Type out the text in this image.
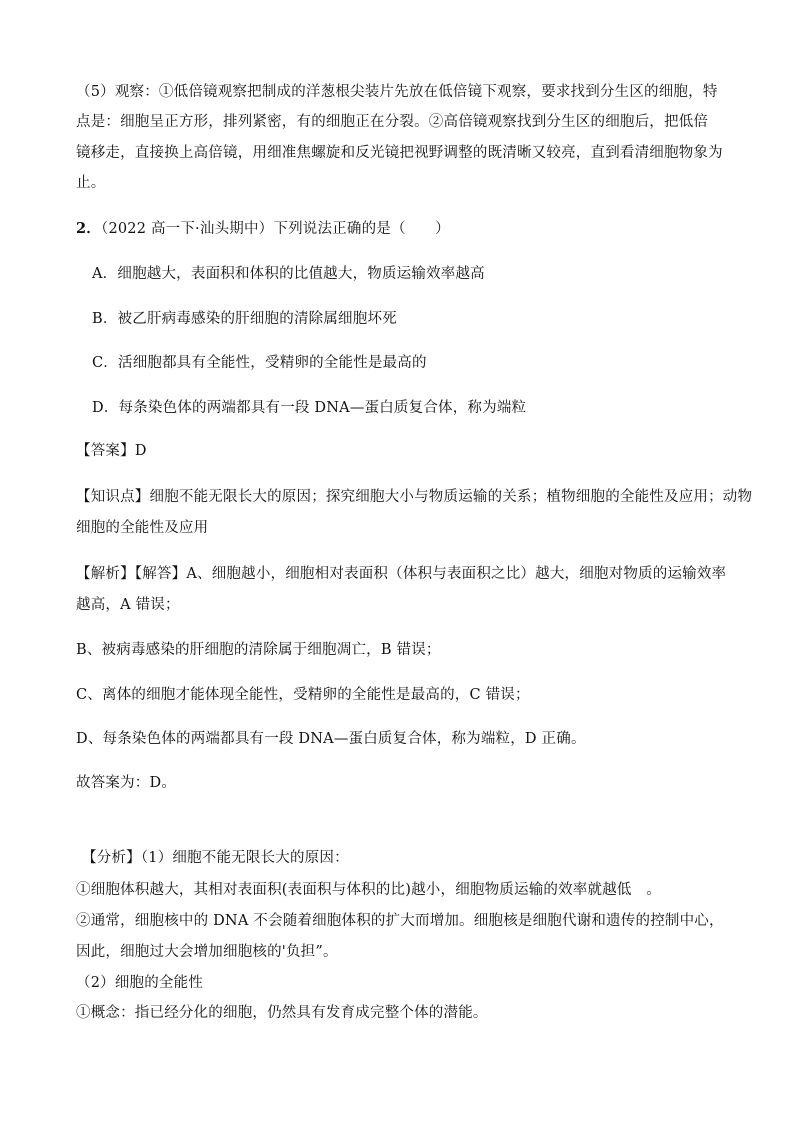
（5）观察：①低倍镜观察把制成的洋葱根尖装片先放在低倍镜下观察，要求找到分生区的细胞，特
点是：细胞呈正方形，排列紧密，有的细胞正在分裂。②高倍镜观察找到分生区的细胞后，把低倍
镜移走，直接换上高倍镜，用细准焦螺旋和反光镜把视野调整的既清晰又较亮，直到看清细胞物象为
止。
2．（2022 高一下·汕头期中）下列说法正确的是（　　）
A．细胞越大，表面积和体积的比值越大，物质运输效率越高
B．被乙肝病毒感染的肝细胞的清除属细胞坏死
C．活细胞都具有全能性，受精卵的全能性是最高的
D．每条染色体的两端都具有一段 DNA—蛋白质复合体，称为端粒
【答案】D
【知识点】细胞不能无限长大的原因；探究细胞大小与物质运输的关系；植物细胞的全能性及应用；动物
细胞的全能性及应用
【解析】【解答】A、细胞越小，细胞相对表面积（体积与表面积之比）越大，细胞对物质的运输效率
越高，A 错误；
B、被病毒感染的肝细胞的清除属于细胞凋亡，B 错误；
C、离体的细胞才能体现全能性，受精卵的全能性是最高的，C 错误；
D、每条染色体的两端都具有一段 DNA—蛋白质复合体，称为端粒，D 正确。
故答案为：D。
【分析】（1）细胞不能无限长大的原因：
①细胞体积越大，其相对表面积(表面积与体积的比)越小，细胞物质运输的效率就越低　。
②通常，细胞核中的 DNA 不会随着细胞体积的扩大而增加。细胞核是细胞代谢和遗传的控制中心，
因此，细胞过大会增加细胞核的'负担”。
（2）细胞的全能性
①概念：指已经分化的细胞，仍然具有发育成完整个体的潜能。
